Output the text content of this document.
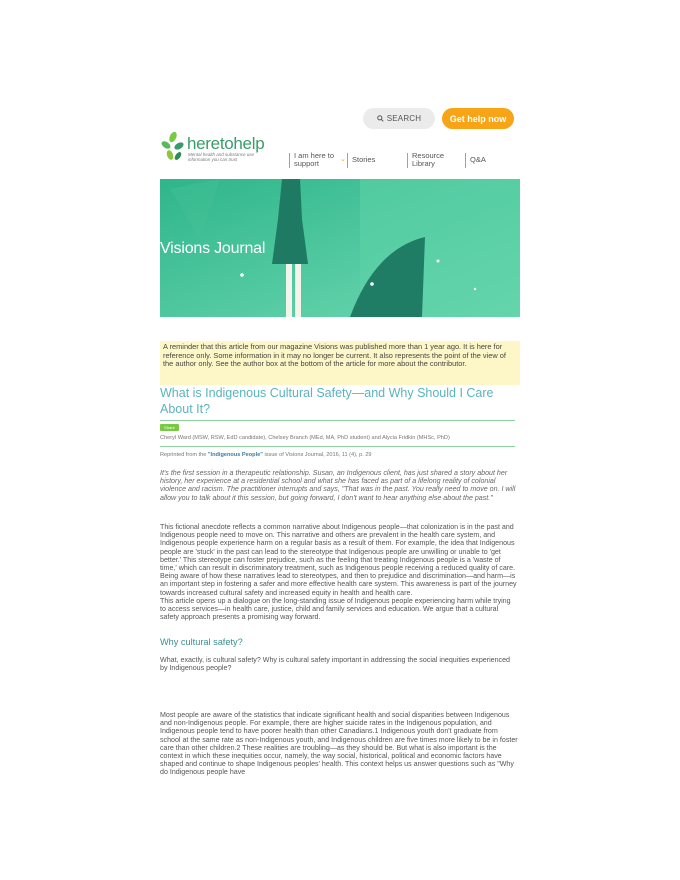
SEARCH	Get help now
heretohelp
Mental health and substance use information you can trust	I am here to support	⌄ Stories	Resource Library	Q&A
Visions Journal
A reminder that this article from our magazine Visions was published more than 1 year ago. It is here for reference only. Some information in it may no longer be current. It also represents the point of the view of the author only. See the author box at the bottom of the article for more about the contributor.
What is Indigenous Cultural Safety—and Why Should I Care About It?
Share
Cheryl Ward (MSW, RSW, EdD candidate), Chelsey Branch (MEd, MA, PhD student) and Alycia Fridkin (MHSc, PhD)
Reprinted from the "Indigenous People" issue of Visions Journal, 2016, 11 (4), p. 29
It's the first session in a therapeutic relationship. Susan, an Indigenous client, has just shared a story about her history, her experience at a residential school and what she has faced as part of a lifelong reality of colonial violence and racism. The practitioner interrupts and says, "That was in the past. You really need to move on. I will allow you to talk about it this session, but going forward, I don't want to hear anything else about the past."
This fictional anecdote reflects a common narrative about Indigenous people—that colonization is in the past and Indigenous people need to move on. This narrative and others are prevalent in the health care system, and Indigenous people experience harm on a regular basis as a result of them. For example, the idea that Indigenous people are 'stuck' in the past can lead to the stereotype that Indigenous people are unwilling or unable to 'get better.' This stereotype can foster prejudice, such as the feeling that treating Indigenous people is a 'waste of time,' which can result in discriminatory treatment, such as Indigenous people receiving a reduced quality of care. Being aware of how these narratives lead to stereotypes, and then to prejudice and discrimination—and harm—is an important step in fostering a safer and more effective health care system. This awareness is part of the journey towards increased cultural safety and increased equity in health and health care.
This article opens up a dialogue on the long-standing issue of Indigenous people experiencing harm while trying to access services—in health care, justice, child and family services and education. We argue that a cultural safety approach presents a promising way forward.
Why cultural safety?
What, exactly, is cultural safety? Why is cultural safety important in addressing the social inequities experienced by Indigenous people?
Most people are aware of the statistics that indicate significant health and social disparities between Indigenous and non-Indigenous people. For example, there are higher suicide rates in the Indigenous population, and Indigenous people tend to have poorer health than other Canadians.1 Indigenous youth don't graduate from school at the same rate as non-Indigenous youth, and Indigenous children are five times more likely to be in foster care than other children.2 These realities are troubling—as they should be. But what is also important is the context in which these inequities occur, namely, the way social, historical, political and economic factors have shaped and continue to shape Indigenous peoples' health. This context helps us answer questions such as "Why do Indigenous people have
